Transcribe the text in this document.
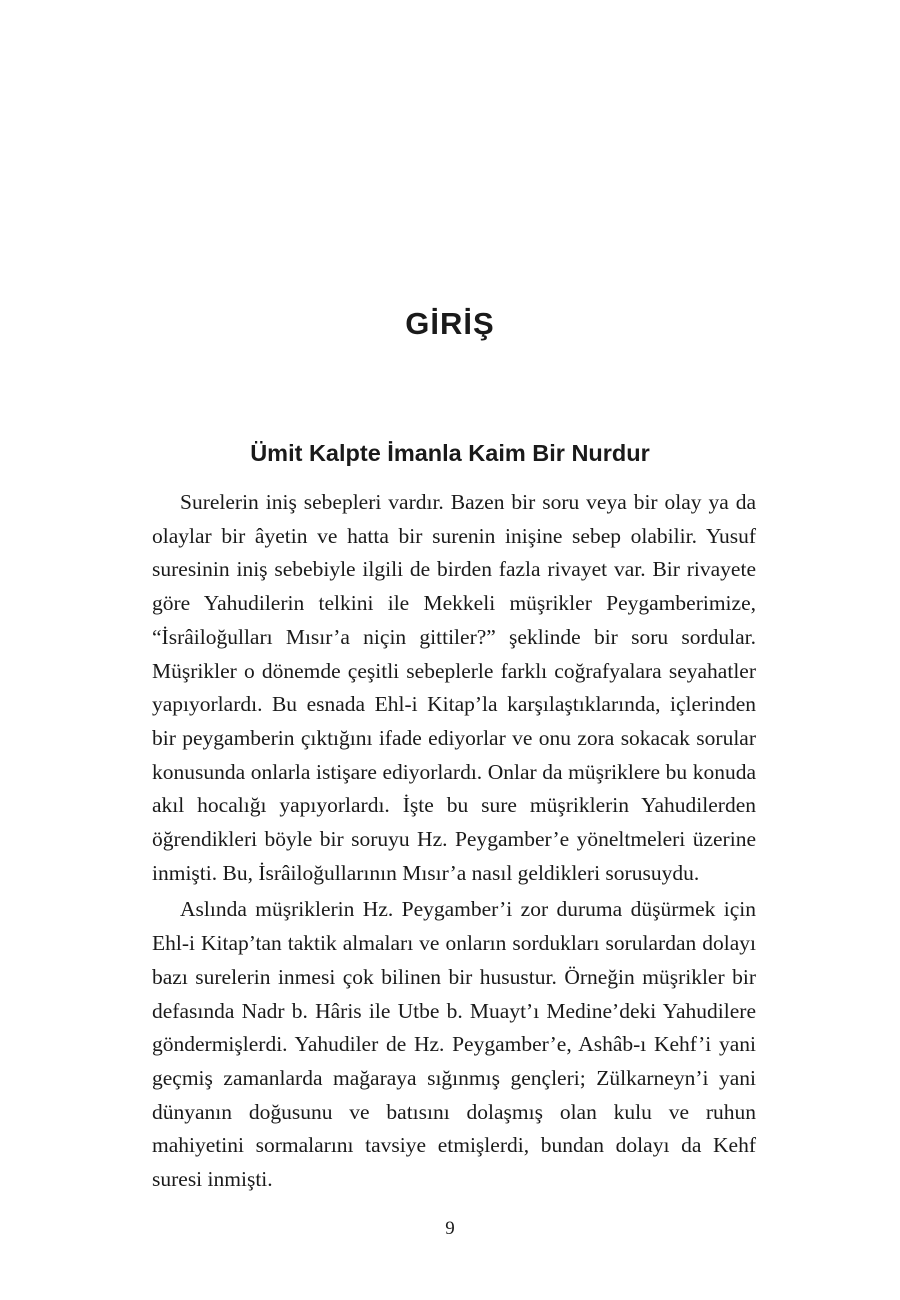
GİRİŞ
Ümit Kalpte İmanla Kaim Bir Nurdur

Surelerin iniş sebepleri vardır. Bazen bir soru veya bir olay ya da olaylar bir âyetin ve hatta bir surenin inişine sebep olabilir. Yusuf suresinin iniş sebebiyle ilgili de birden fazla rivayet var. Bir rivayete göre Yahudilerin telkini ile Mekkeli müşrikler Peygamberimize, “İsrâiloğulları Mısır’a niçin gittiler?” şeklinde bir soru sordular. Müşrikler o dönemde çeşitli sebeplerle farklı coğrafyalara seyahatler yapıyorlardı. Bu esnada Ehl-i Kitap’la karşılaştıklarında, içlerinden bir peygamberin çıktığını ifade ediyorlar ve onu zora sokacak sorular konusunda onlarla istişare ediyorlardı. Onlar da müşriklere bu konuda akıl hocalığı yapıyorlardı. İşte bu sure müşriklerin Yahudilerden öğrendikleri böyle bir soruyu Hz. Peygamber’e yöneltmeleri üzerine inmişti. Bu, İsrâiloğullarının Mısır’a nasıl geldikleri sorusuydu.

Aslında müşriklerin Hz. Peygamber’i zor duruma düşürmek için Ehl-i Kitap’tan taktik almaları ve onların sordukları sorulardan dolayı bazı surelerin inmesi çok bilinen bir husustur. Örneğin müşrikler bir defasında Nadr b. Hâris ile Utbe b. Muayt’ı Medine’deki Yahudilere göndermişlerdi. Yahudiler de Hz. Peygamber’e, Ashâb-ı Kehf’i yani geçmiş zamanlarda mağaraya sığınmış gençleri; Zülkarneyn’i yani dünyanın doğusunu ve batısını dolaşmış olan kulu ve ruhun mahiyetini sormalarını tavsiye etmişlerdi, bundan dolayı da Kehf suresi inmişti.

9
